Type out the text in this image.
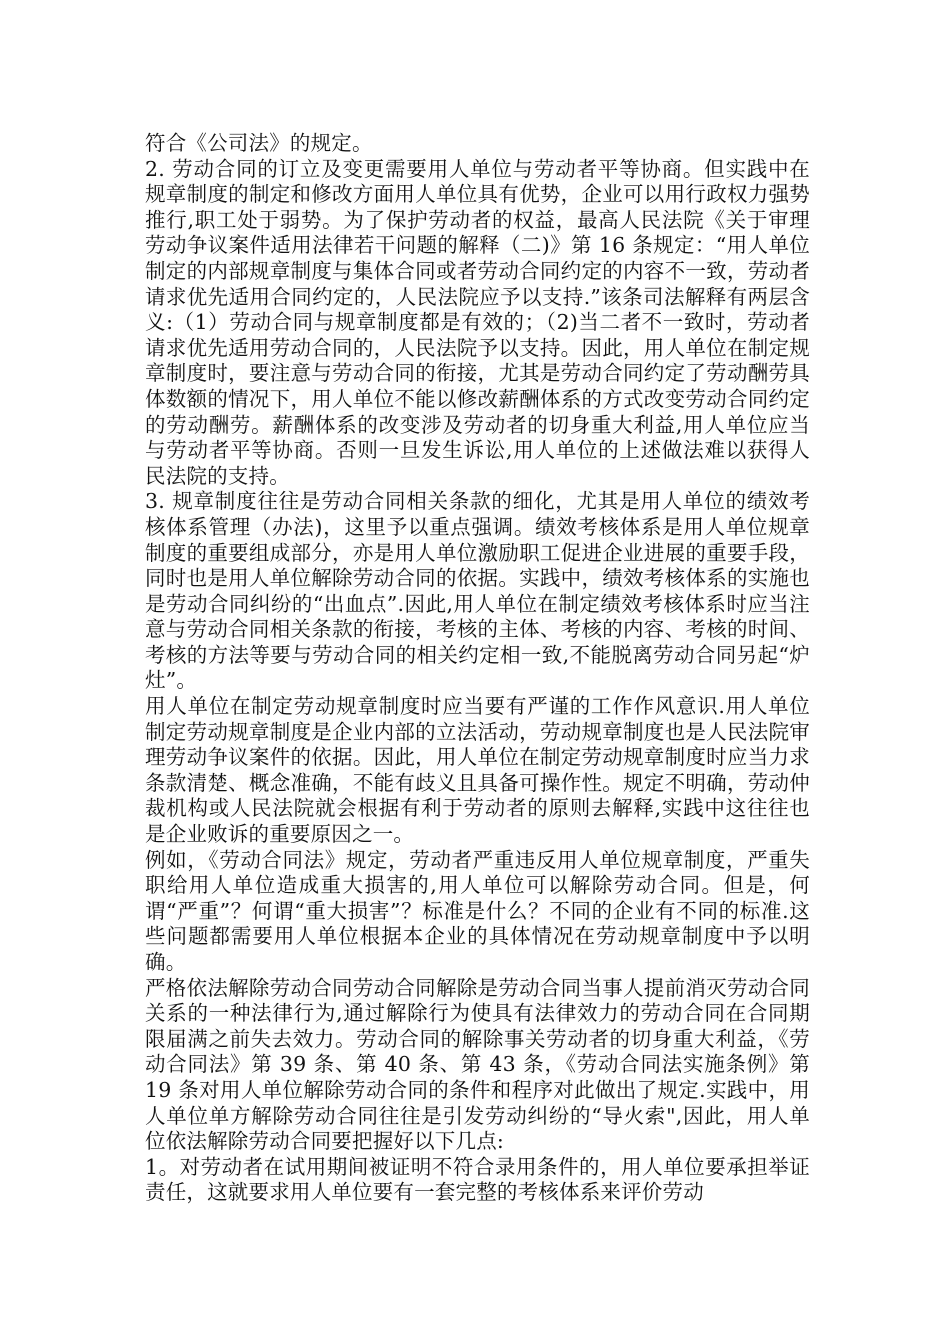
符合《公司法》的规定。

2. 劳动合同的订立及变更需要用人单位与劳动者平等协商。但实践中在规章制度的制定和修改方面用人单位具有优势，企业可以用行政权力强势推行,职工处于弱势。为了保护劳动者的权益，最高人民法院《关于审理劳动争议案件适用法律若干问题的解释（二)》第 16 条规定：“用人单位制定的内部规章制度与集体合同或者劳动合同约定的内容不一致，劳动者请求优先适用合同约定的，人民法院应予以支持.”该条司法解释有两层含义:（1）劳动合同与规章制度都是有效的；（2)当二者不一致时，劳动者请求优先适用劳动合同的，人民法院予以支持。因此，用人单位在制定规章制度时，要注意与劳动合同的衔接，尤其是劳动合同约定了劳动酬劳具体数额的情况下，用人单位不能以修改薪酬体系的方式改变劳动合同约定的劳动酬劳。薪酬体系的改变涉及劳动者的切身重大利益,用人单位应当与劳动者平等协商。否则一旦发生诉讼,用人单位的上述做法难以获得人民法院的支持。

3. 规章制度往往是劳动合同相关条款的细化，尤其是用人单位的绩效考核体系管理（办法)，这里予以重点强调。绩效考核体系是用人单位规章制度的重要组成部分，亦是用人单位激励职工促进企业进展的重要手段，同时也是用人单位解除劳动合同的依据。实践中，绩效考核体系的实施也是劳动合同纠纷的“出血点”.因此,用人单位在制定绩效考核体系时应当注意与劳动合同相关条款的衔接，考核的主体、考核的内容、考核的时间、考核的方法等要与劳动合同的相关约定相一致,不能脱离劳动合同另起“炉灶”。

用人单位在制定劳动规章制度时应当要有严谨的工作作风意识.用人单位制定劳动规章制度是企业内部的立法活动，劳动规章制度也是人民法院审理劳动争议案件的依据。因此，用人单位在制定劳动规章制度时应当力求条款清楚、概念准确，不能有歧义且具备可操作性。规定不明确，劳动仲裁机构或人民法院就会根据有利于劳动者的原则去解释,实践中这往往也是企业败诉的重要原因之一。

例如，《劳动合同法》规定，劳动者严重违反用人单位规章制度，严重失职给用人单位造成重大损害的,用人单位可以解除劳动合同。但是，何谓“严重”？何谓“重大损害”？标准是什么？不同的企业有不同的标准.这些问题都需要用人单位根据本企业的具体情况在劳动规章制度中予以明确。

严格依法解除劳动合同劳动合同解除是劳动合同当事人提前消灭劳动合同关系的一种法律行为,通过解除行为使具有法律效力的劳动合同在合同期限届满之前失去效力。劳动合同的解除事关劳动者的切身重大利益，《劳动合同法》第 39 条、第 40 条、第 43 条，《劳动合同法实施条例》第 19 条对用人单位解除劳动合同的条件和程序对此做出了规定.实践中，用人单位单方解除劳动合同往往是引发劳动纠纷的“导火索",因此，用人单位依法解除劳动合同要把握好以下几点:

1。对劳动者在试用期间被证明不符合录用条件的，用人单位要承担举证责任，这就要求用人单位要有一套完整的考核体系来评价劳动
